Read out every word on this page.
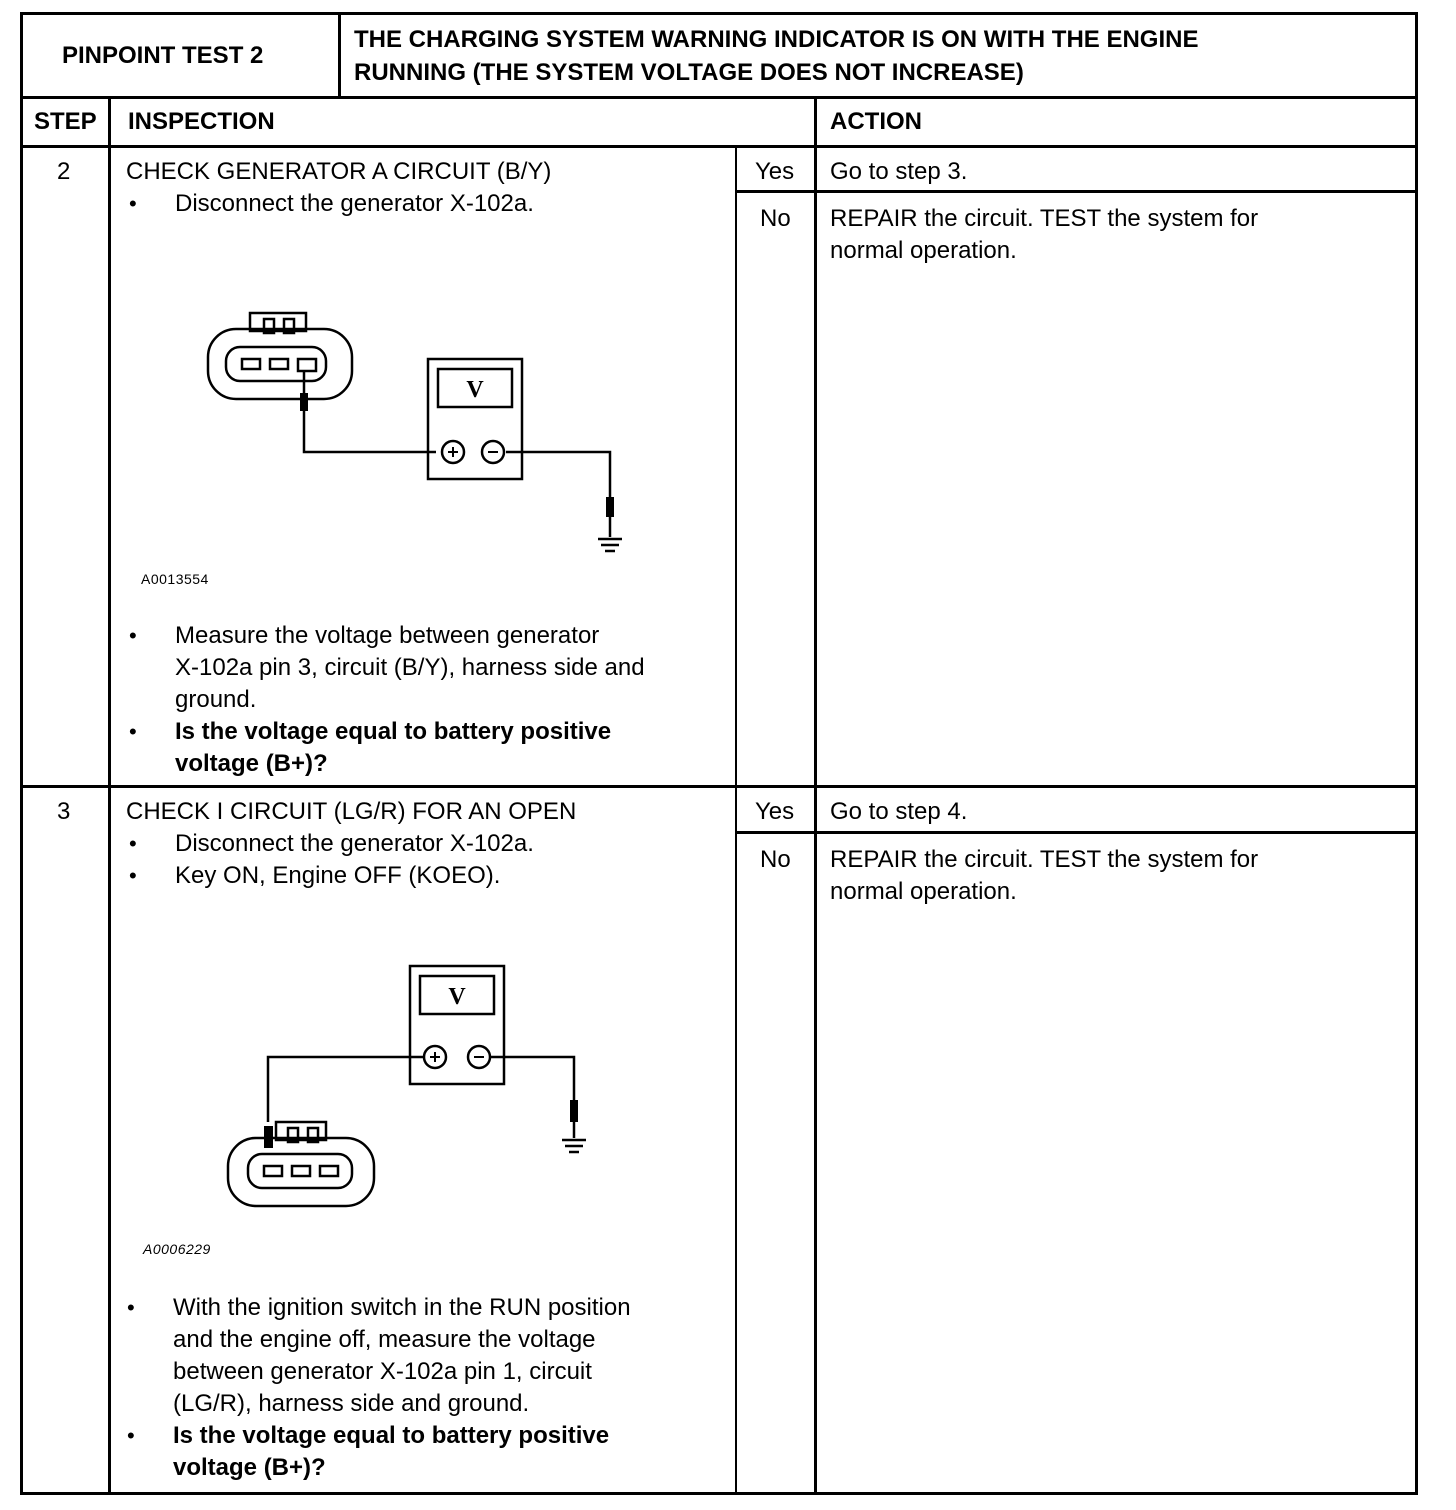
PINPOINT TEST 2
THE CHARGING SYSTEM WARNING INDICATOR IS ON WITH THE ENGINE
RUNNING (THE SYSTEM VOLTAGE DOES NOT INCREASE)
STEP INSPECTION	ACTION
2 CHECK GENERATOR A CIRCUIT (B/Y)
• Disconnect the generator X-102a.
V
A0013554
• Measure the voltage between generator
X-102a pin 3, circuit (B/Y), harness side and
ground.
• Is the voltage equal to battery positive
voltage (B+)?
Yes Go to step 3.
No REPAIR the circuit. TEST the system for
normal operation.
3 CHECK I CIRCUIT (LG/R) FOR AN OPEN
• Disconnect the generator X-102a.
• Key ON, Engine OFF (KOEO).
V
A0006229
• With the ignition switch in the RUN position
and the engine off, measure the voltage
between generator X-102a pin 1, circuit
(LG/R), harness side and ground.
• Is the voltage equal to battery positive
voltage (B+)?
Yes Go to step 4.
No REPAIR the circuit. TEST the system for
normal operation.
